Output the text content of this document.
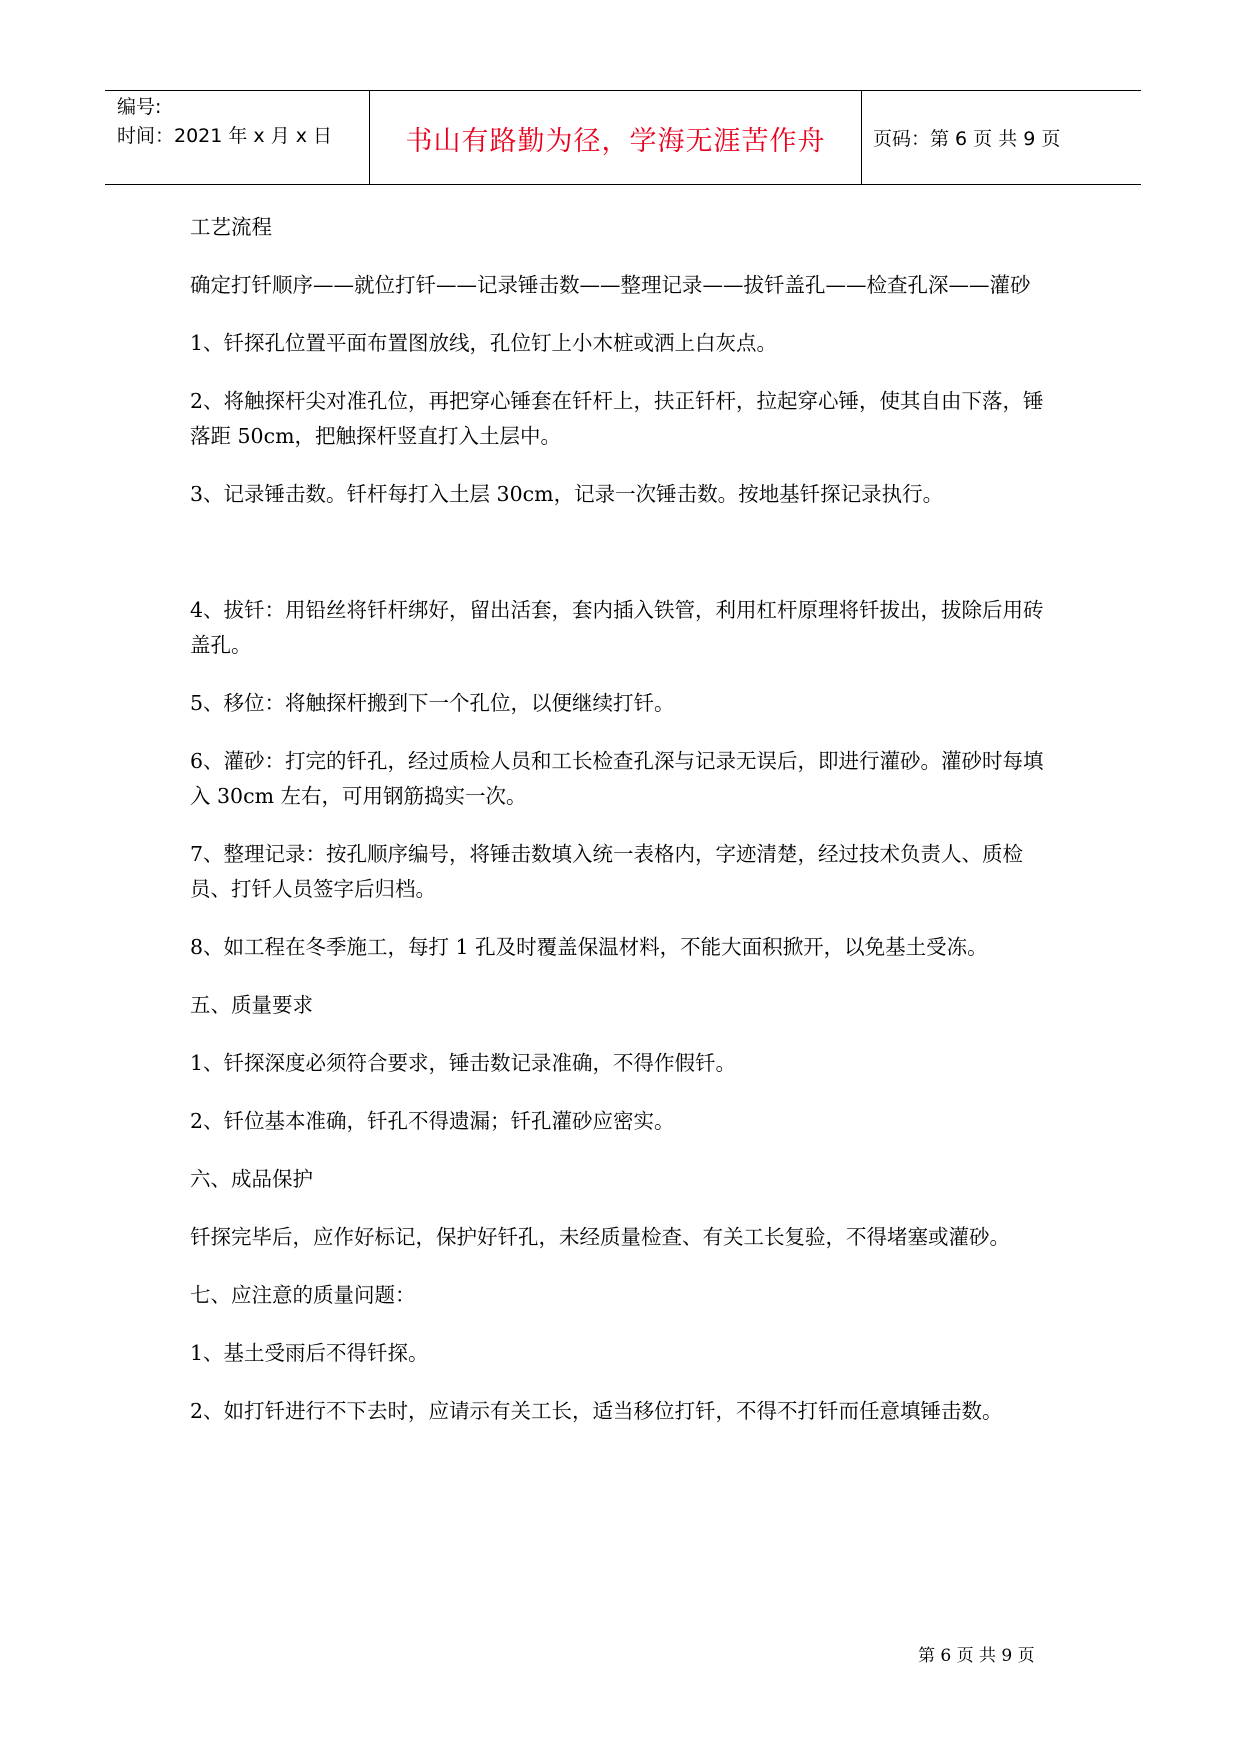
编号:
时间：2021 年 x 月 x 日	书山有路勤为径，学海无涯苦作舟	页码：第 6 页 共 9 页

工艺流程

确定打钎顺序——就位打钎——记录锤击数——整理记录——拔钎盖孔——检查孔深——灌砂

1、钎探孔位置平面布置图放线，孔位钉上小木桩或洒上白灰点。

2、将触探杆尖对准孔位，再把穿心锤套在钎杆上，扶正钎杆，拉起穿心锤，使其自由下落，锤落距 50cm，把触探杆竖直打入土层中。

3、记录锤击数。钎杆每打入土层 30cm，记录一次锤击数。按地基钎探记录执行。

4、拔钎：用铅丝将钎杆绑好，留出活套，套内插入铁管，利用杠杆原理将钎拔出，拔除后用砖盖孔。

5、移位：将触探杆搬到下一个孔位，以便继续打钎。

6、灌砂：打完的钎孔，经过质检人员和工长检查孔深与记录无误后，即进行灌砂。灌砂时每填入 30cm 左右，可用钢筋捣实一次。

7、整理记录：按孔顺序编号，将锤击数填入统一表格内，字迹清楚，经过技术负责人、质检员、打钎人员签字后归档。

8、如工程在冬季施工，每打 1 孔及时覆盖保温材料，不能大面积掀开，以免基土受冻。

五、质量要求

1、钎探深度必须符合要求，锤击数记录准确，不得作假钎。

2、钎位基本准确，钎孔不得遗漏；钎孔灌砂应密实。

六、成品保护

钎探完毕后，应作好标记，保护好钎孔，未经质量检查、有关工长复验，不得堵塞或灌砂。

七、应注意的质量问题：

1、基土受雨后不得钎探。

2、如打钎进行不下去时，应请示有关工长，适当移位打钎，不得不打钎而任意填锤击数。

第 6 页 共 9 页
